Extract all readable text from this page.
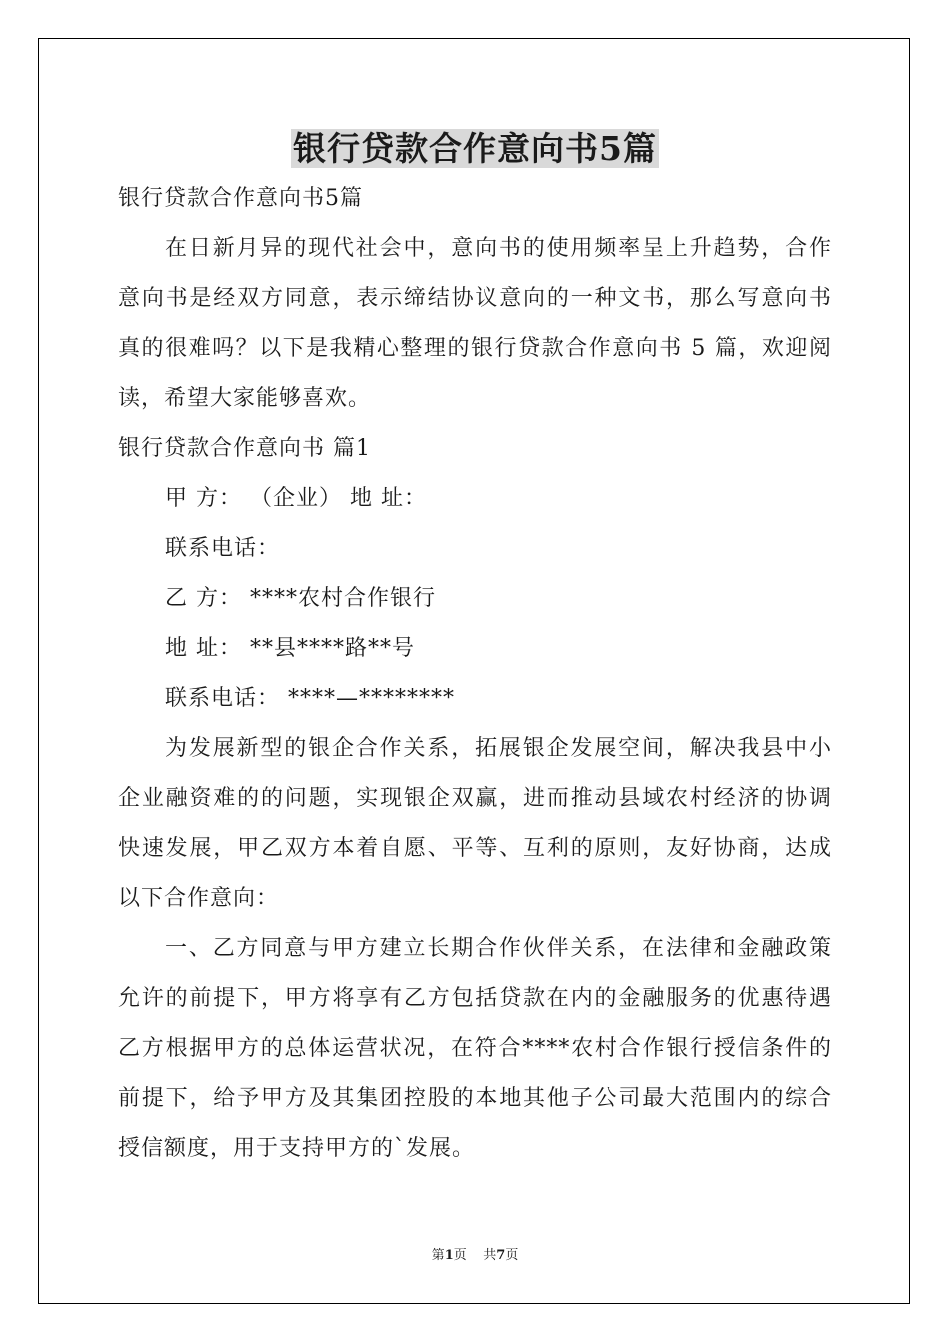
银行贷款合作意向书5篇
银行贷款合作意向书5篇
在日新月异的现代社会中，意向书的使用频率呈上升趋势，合作
意向书是经双方同意，表示缔结协议意向的一种文书，那么写意向书
真的很难吗？以下是我精心整理的银行贷款合作意向书 5 篇，欢迎阅
读，希望大家能够喜欢。
银行贷款合作意向书 篇1
甲 方： （企业） 地 址：
联系电话：
乙 方： ****农村合作银行
地 址： **县****路**号
联系电话： ****—********
为发展新型的银企合作关系，拓展银企发展空间，解决我县中小
企业融资难的的问题，实现银企双赢，进而推动县域农村经济的协调
快速发展，甲乙双方本着自愿、平等、互利的原则，友好协商，达成
以下合作意向：
一、乙方同意与甲方建立长期合作伙伴关系，在法律和金融政策
允许的前提下，甲方将享有乙方包括贷款在内的金融服务的优惠待遇
乙方根据甲方的总体运营状况，在符合****农村合作银行授信条件的
前提下，给予甲方及其集团控股的本地其他子公司最大范围内的综合
授信额度，用于支持甲方的`发展。
第1页    共7页
